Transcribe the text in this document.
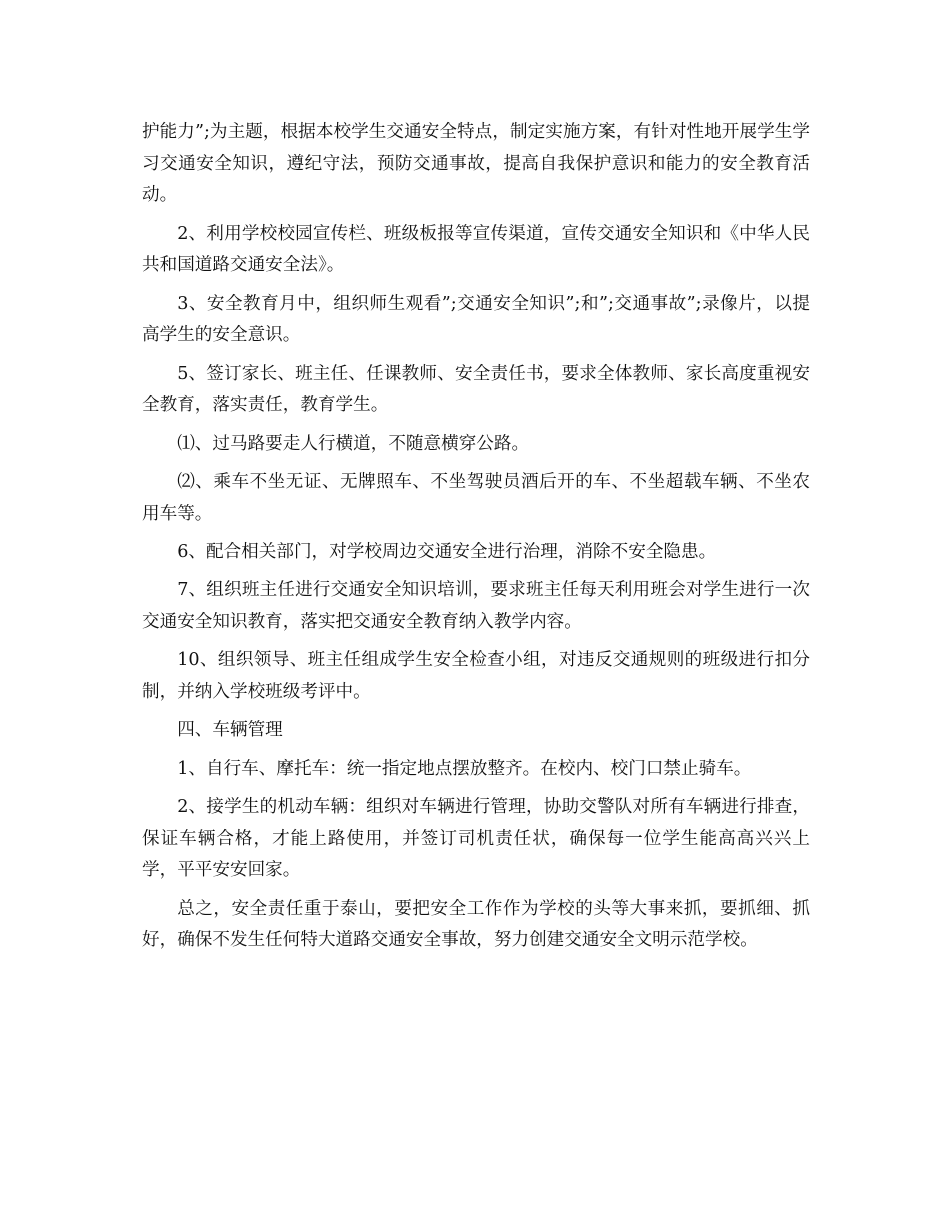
护能力”;为主题，根据本校学生交通安全特点，制定实施方案，有针对性地开展学生学习交通安全知识，遵纪守法，预防交通事故，提高自我保护意识和能力的安全教育活动。

2、利用学校校园宣传栏、班级板报等宣传渠道，宣传交通安全知识和《中华人民共和国道路交通安全法》。

3、安全教育月中，组织师生观看”;交通安全知识”;和”;交通事故”;录像片，以提高学生的安全意识。

5、签订家长、班主任、任课教师、安全责任书，要求全体教师、家长高度重视安全教育，落实责任，教育学生。

⑴、过马路要走人行横道，不随意横穿公路。

⑵、乘车不坐无证、无牌照车、不坐驾驶员酒后开的车、不坐超载车辆、不坐农用车等。

6、配合相关部门，对学校周边交通安全进行治理，消除不安全隐患。

7、组织班主任进行交通安全知识培训，要求班主任每天利用班会对学生进行一次交通安全知识教育，落实把交通安全教育纳入教学内容。

10、组织领导、班主任组成学生安全检查小组，对违反交通规则的班级进行扣分制，并纳入学校班级考评中。

四、车辆管理

1、自行车、摩托车：统一指定地点摆放整齐。在校内、校门口禁止骑车。

2、接学生的机动车辆：组织对车辆进行管理，协助交警队对所有车辆进行排查，保证车辆合格，才能上路使用，并签订司机责任状，确保每一位学生能高高兴兴上学，平平安安回家。

总之，安全责任重于泰山，要把安全工作作为学校的头等大事来抓，要抓细、抓好，确保不发生任何特大道路交通安全事故，努力创建交通安全文明示范学校。
